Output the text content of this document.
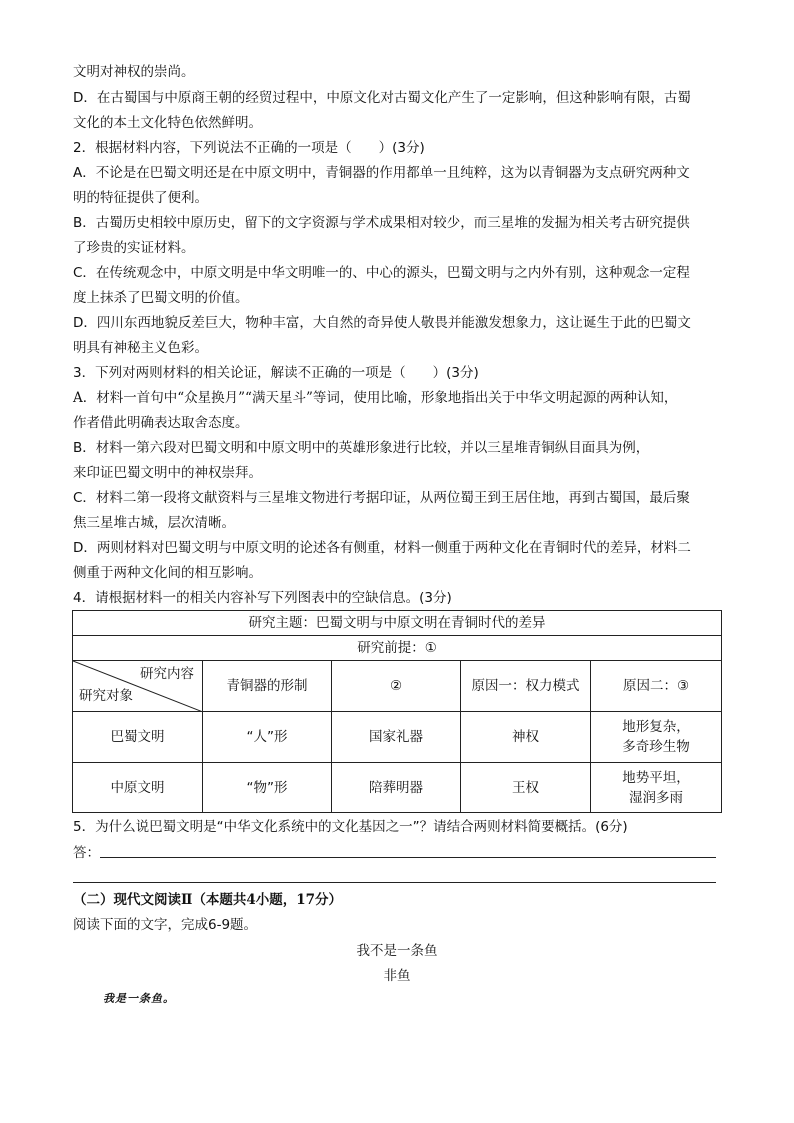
文明对神权的崇尚。
D．在古蜀国与中原商王朝的经贸过程中，中原文化对古蜀文化产生了一定影响，但这种影响有限，古蜀
文化的本土文化特色依然鲜明。
2．根据材料内容，下列说法不正确的一项是（　　）(3分)
A．不论是在巴蜀文明还是在中原文明中，青铜器的作用都单一且纯粹，这为以青铜器为支点研究两种文
明的特征提供了便利。
B．古蜀历史相较中原历史，留下的文字资源与学术成果相对较少，而三星堆的发掘为相关考古研究提供
了珍贵的实证材料。
C．在传统观念中，中原文明是中华文明唯一的、中心的源头，巴蜀文明与之内外有别，这种观念一定程
度上抹杀了巴蜀文明的价值。
D．四川东西地貌反差巨大，物种丰富，大自然的奇异使人敬畏并能激发想象力，这让诞生于此的巴蜀文
明具有神秘主义色彩。
3．下列对两则材料的相关论证，解读不正确的一项是（　　）(3分)
A．材料一首句中“众星换月”“满天星斗”等词，使用比喻，形象地指出关于中华文明起源的两种认知，
作者借此明确表达取舍态度。
B．材料一第六段对巴蜀文明和中原文明中的英雄形象进行比较，并以三星堆青铜纵目面具为例，
来印证巴蜀文明中的神权崇拜。
C．材料二第一段将文献资料与三星堆文物进行考据印证，从两位蜀王到王居住地，再到古蜀国，最后聚
焦三星堆古城，层次清晰。
D．两则材料对巴蜀文明与中原文明的论述各有侧重，材料一侧重于两种文化在青铜时代的差异，材料二
侧重于两种文化间的相互影响。
4．请根据材料一的相关内容补写下列图表中的空缺信息。(3分)
研究主题：巴蜀文明与中原文明在青铜时代的差异				
研究前提：①				

研究内容
研究对象	青铜器的形制	②	原因一：权力模式	原因二：③
巴蜀文明	“人”形	国家礼器	神权	地形复杂，
多奇珍生物

中原文明	“物”形	陪葬明器	王权	地势平坦，
湿润多雨
5．为什么说巴蜀文明是“中华文化系统中的文化基因之一”？请结合两则材料简要概括。(6分)
答：
（二）现代文阅读Ⅱ（本题共4小题，17分）
阅读下面的文字，完成6-9题。
我不是一条鱼
非鱼
我是一条鱼。
